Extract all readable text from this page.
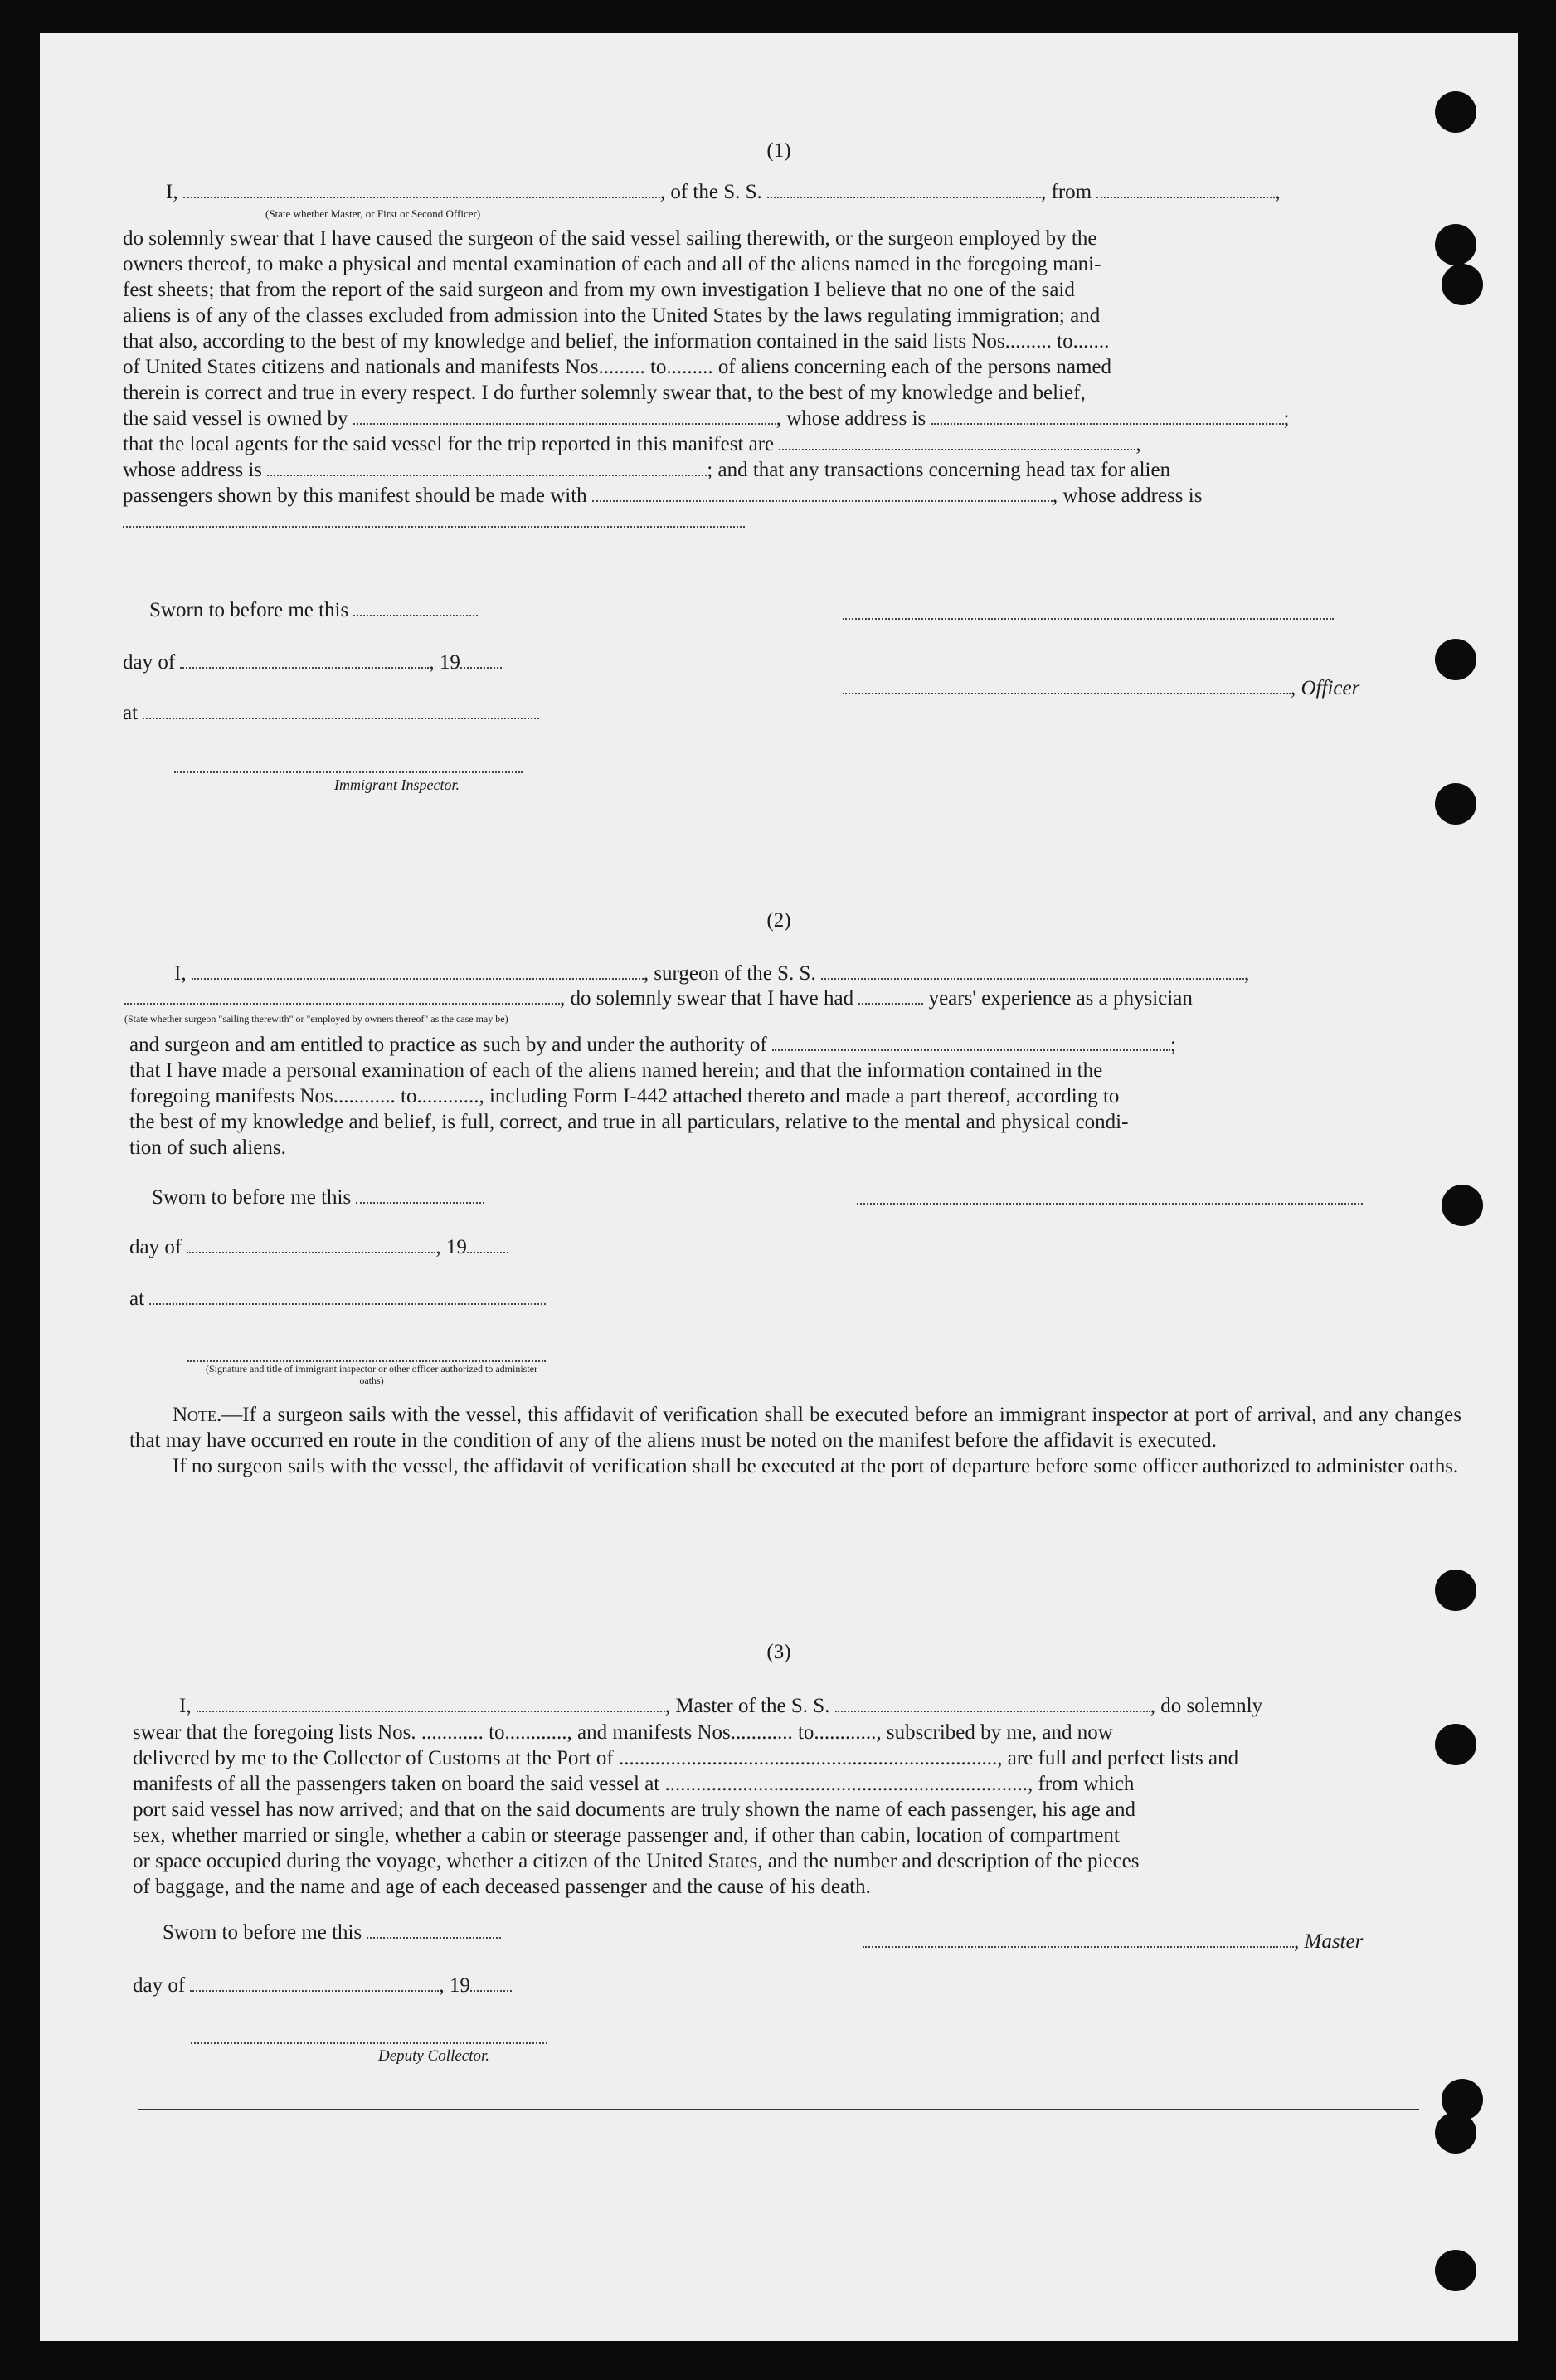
(1)
I,	, of the S. S.	, from	,
(State whether Master, or First or Second Officer)
do solemnly swear that I have caused the surgeon of the said vessel sailing therewith, or the surgeon employed by the
owners thereof, to make a physical and mental examination of each and all of the aliens named in the foregoing mani-
fest sheets; that from the report of the said surgeon and from my own investigation I believe that no one of the said
aliens is of any of the classes excluded from admission into the United States by the laws regulating immigration; and
that also, according to the best of my knowledge and belief, the information contained in the said lists Nos......... to.......
of United States citizens and nationals and manifests Nos......... to......... of aliens concerning each of the persons named
therein is correct and true in every respect. I do further solemnly swear that, to the best of my knowledge and belief,
the said vessel is owned by	, whose address is	;
that the local agents for the said vessel for the trip reported in this manifest are	,
whose address is	; and that any transactions concerning head tax for alien
passengers shown by this manifest should be made with	, whose address is
Sworn to before me this
day of	, 19
at
Immigrant Inspector.
, Officer
(2)
I,	, surgeon of the S. S.	,
, do solemnly swear that I have had	years' experience as a physician
(State whether surgeon "sailing therewith" or "employed by owners thereof" as the case may be)
and surgeon and am entitled to practice as such by and under the authority of	;
that I have made a personal examination of each of the aliens named herein; and that the information contained in the
foregoing manifests Nos............ to............, including Form I-442 attached thereto and made a part thereof, according to
the best of my knowledge and belief, is full, correct, and true in all particulars, relative to the mental and physical condi-
tion of such aliens.
Sworn to before me this
day of	, 19
at
(Signature and title of immigrant inspector or other officer authorized to administer oaths)
Note.—If a surgeon sails with the vessel, this affidavit of verification shall be executed before an immigrant inspector at port of arrival, and any changes that may have occurred en route in the condition of any of the aliens must be noted on the manifest before the affidavit is executed.
If no surgeon sails with the vessel, the affidavit of verification shall be executed at the port of departure before some officer authorized to administer oaths.
(3)
I,	, Master of the S. S.	, do solemnly
swear that the foregoing lists Nos. ............ to............, and manifests Nos............ to............, subscribed by me, and now
delivered by me to the Collector of Customs at the Port of ........................................................................., are full and perfect lists and
manifests of all the passengers taken on board the said vessel at ......................................................................, from which
port said vessel has now arrived; and that on the said documents are truly shown the name of each passenger, his age and
sex, whether married or single, whether a cabin or steerage passenger and, if other than cabin, location of compartment
or space occupied during the voyage, whether a citizen of the United States, and the number and description of the pieces
of baggage, and the name and age of each deceased passenger and the cause of his death.
Sworn to before me this
day of	, 19
Deputy Collector.
, Master
